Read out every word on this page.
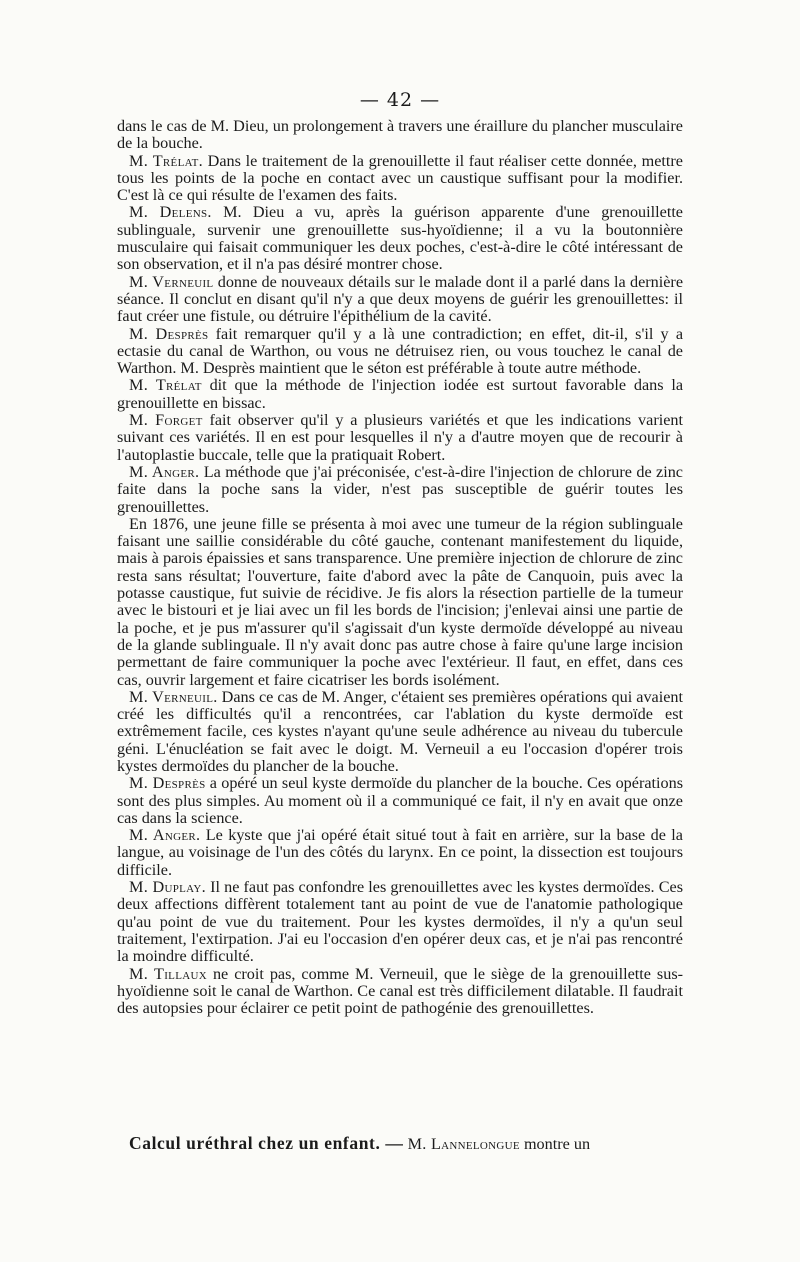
— 42 —

dans le cas de M. Dieu, un prolongement à travers une éraillure du plancher musculaire de la bouche.

M. Trélat. Dans le traitement de la grenouillette il faut réaliser cette donnée, mettre tous les points de la poche en contact avec un caustique suffisant pour la modifier. C'est là ce qui résulte de l'examen des faits.

M. Delens. M. Dieu a vu, après la guérison apparente d'une grenouillette sublinguale, survenir une grenouillette sus-hyoïdienne; il a vu la boutonnière musculaire qui faisait communiquer les deux poches, c'est-à-dire le côté intéressant de son observation, et il n'a pas désiré montrer chose.

M. Verneuil donne de nouveaux détails sur le malade dont il a parlé dans la dernière séance. Il conclut en disant qu'il n'y a que deux moyens de guérir les grenouillettes: il faut créer une fistule, ou détruire l'épithélium de la cavité.

M. Desprès fait remarquer qu'il y a là une contradiction; en effet, dit-il, s'il y a ectasie du canal de Warthon, ou vous ne détruisez rien, ou vous touchez le canal de Warthon. M. Desprès maintient que le séton est préférable à toute autre méthode.

M. Trélat dit que la méthode de l'injection iodée est surtout favorable dans la grenouillette en bissac.

M. Forget fait observer qu'il y a plusieurs variétés et que les indications varient suivant ces variétés. Il en est pour lesquelles il n'y a d'autre moyen que de recourir à l'autoplastie buccale, telle que la pratiquait Robert.

M. Anger. La méthode que j'ai préconisée, c'est-à-dire l'injection de chlorure de zinc faite dans la poche sans la vider, n'est pas susceptible de guérir toutes les grenouillettes.

En 1876, une jeune fille se présenta à moi avec une tumeur de la région sublinguale faisant une saillie considérable du côté gauche, contenant manifestement du liquide, mais à parois épaissies et sans transparence. Une première injection de chlorure de zinc resta sans résultat; l'ouverture, faite d'abord avec la pâte de Canquoin, puis avec la potasse caustique, fut suivie de récidive. Je fis alors la résection partielle de la tumeur avec le bistouri et je liai avec un fil les bords de l'incision; j'enlevai ainsi une partie de la poche, et je pus m'assurer qu'il s'agissait d'un kyste dermoïde développé au niveau de la glande sublinguale. Il n'y avait donc pas autre chose à faire qu'une large incision permettant de faire communiquer la poche avec l'extérieur. Il faut, en effet, dans ces cas, ouvrir largement et faire cicatriser les bords isolément.

M. Verneuil. Dans ce cas de M. Anger, c'étaient ses premières opérations qui avaient créé les difficultés qu'il a rencontrées, car l'ablation du kyste dermoïde est extrêmement facile, ces kystes n'ayant qu'une seule adhérence au niveau du tubercule géni. L'énucléation se fait avec le doigt. M. Verneuil a eu l'occasion d'opérer trois kystes dermoïdes du plancher de la bouche.

M. Desprès a opéré un seul kyste dermoïde du plancher de la bouche. Ces opérations sont des plus simples. Au moment où il a communiqué ce fait, il n'y en avait que onze cas dans la science.

M. Anger. Le kyste que j'ai opéré était situé tout à fait en arrière, sur la base de la langue, au voisinage de l'un des côtés du larynx. En ce point, la dissection est toujours difficile.

M. Duplay. Il ne faut pas confondre les grenouillettes avec les kystes dermoïdes. Ces deux affections diffèrent totalement tant au point de vue de l'anatomie pathologique qu'au point de vue du traitement. Pour les kystes dermoïdes, il n'y a qu'un seul traitement, l'extirpation. J'ai eu l'occasion d'en opérer deux cas, et je n'ai pas rencontré la moindre difficulté.

M. Tillaux ne croit pas, comme M. Verneuil, que le siège de la grenouillette sus-hyoïdienne soit le canal de Warthon. Ce canal est très difficilement dilatable. Il faudrait des autopsies pour éclairer ce petit point de pathogénie des grenouillettes.

Calcul uréthral chez un enfant. — M. Lannelongue montre un
